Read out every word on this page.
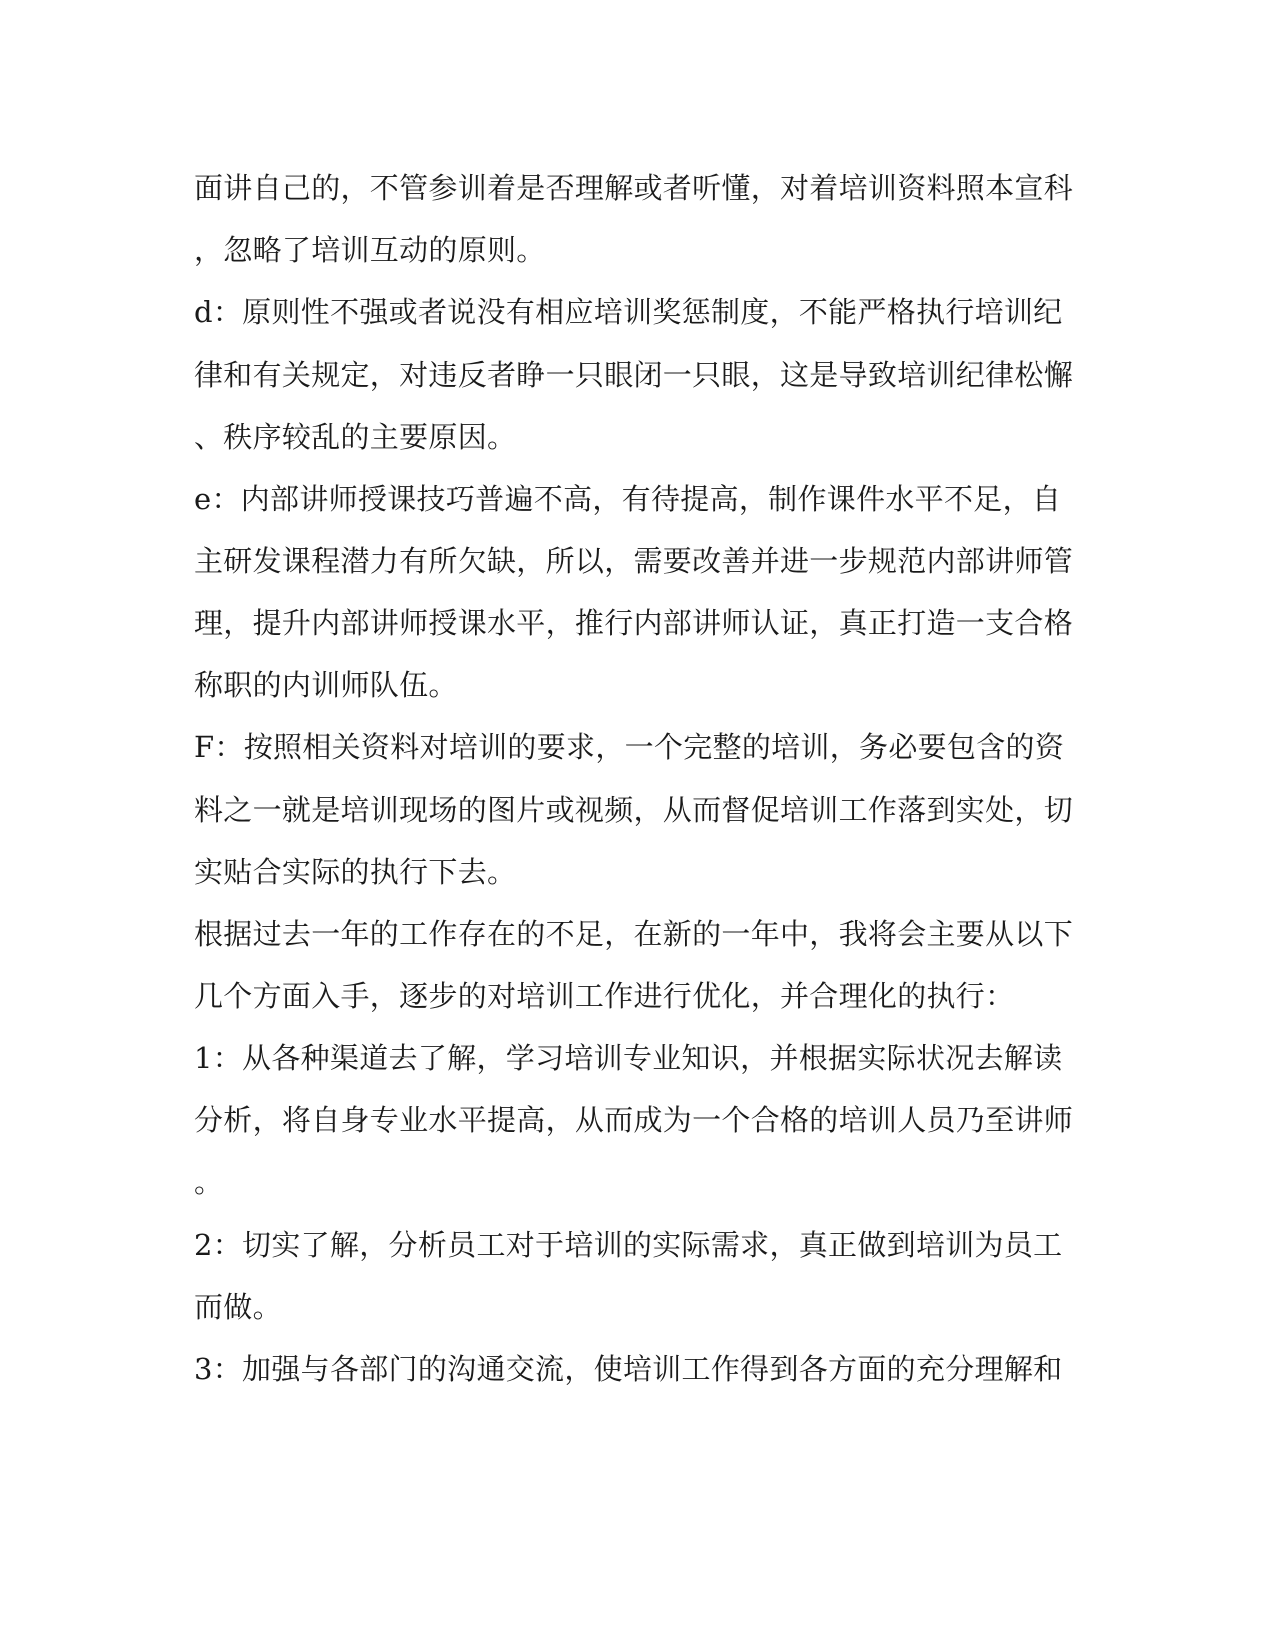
面讲自己的，不管参训着是否理解或者听懂，对着培训资料照本宣科
，忽略了培训互动的原则。
d：原则性不强或者说没有相应培训奖惩制度，不能严格执行培训纪
律和有关规定，对违反者睁一只眼闭一只眼，这是导致培训纪律松懈
、秩序较乱的主要原因。
e：内部讲师授课技巧普遍不高，有待提高，制作课件水平不足，自
主研发课程潜力有所欠缺，所以，需要改善并进一步规范内部讲师管
理，提升内部讲师授课水平，推行内部讲师认证，真正打造一支合格
称职的内训师队伍。
F：按照相关资料对培训的要求，一个完整的培训，务必要包含的资
料之一就是培训现场的图片或视频，从而督促培训工作落到实处，切
实贴合实际的执行下去。
根据过去一年的工作存在的不足，在新的一年中，我将会主要从以下
几个方面入手，逐步的对培训工作进行优化，并合理化的执行：
1：从各种渠道去了解，学习培训专业知识，并根据实际状况去解读
分析，将自身专业水平提高，从而成为一个合格的培训人员乃至讲师
。
2：切实了解，分析员工对于培训的实际需求，真正做到培训为员工
而做。
3：加强与各部门的沟通交流，使培训工作得到各方面的充分理解和
